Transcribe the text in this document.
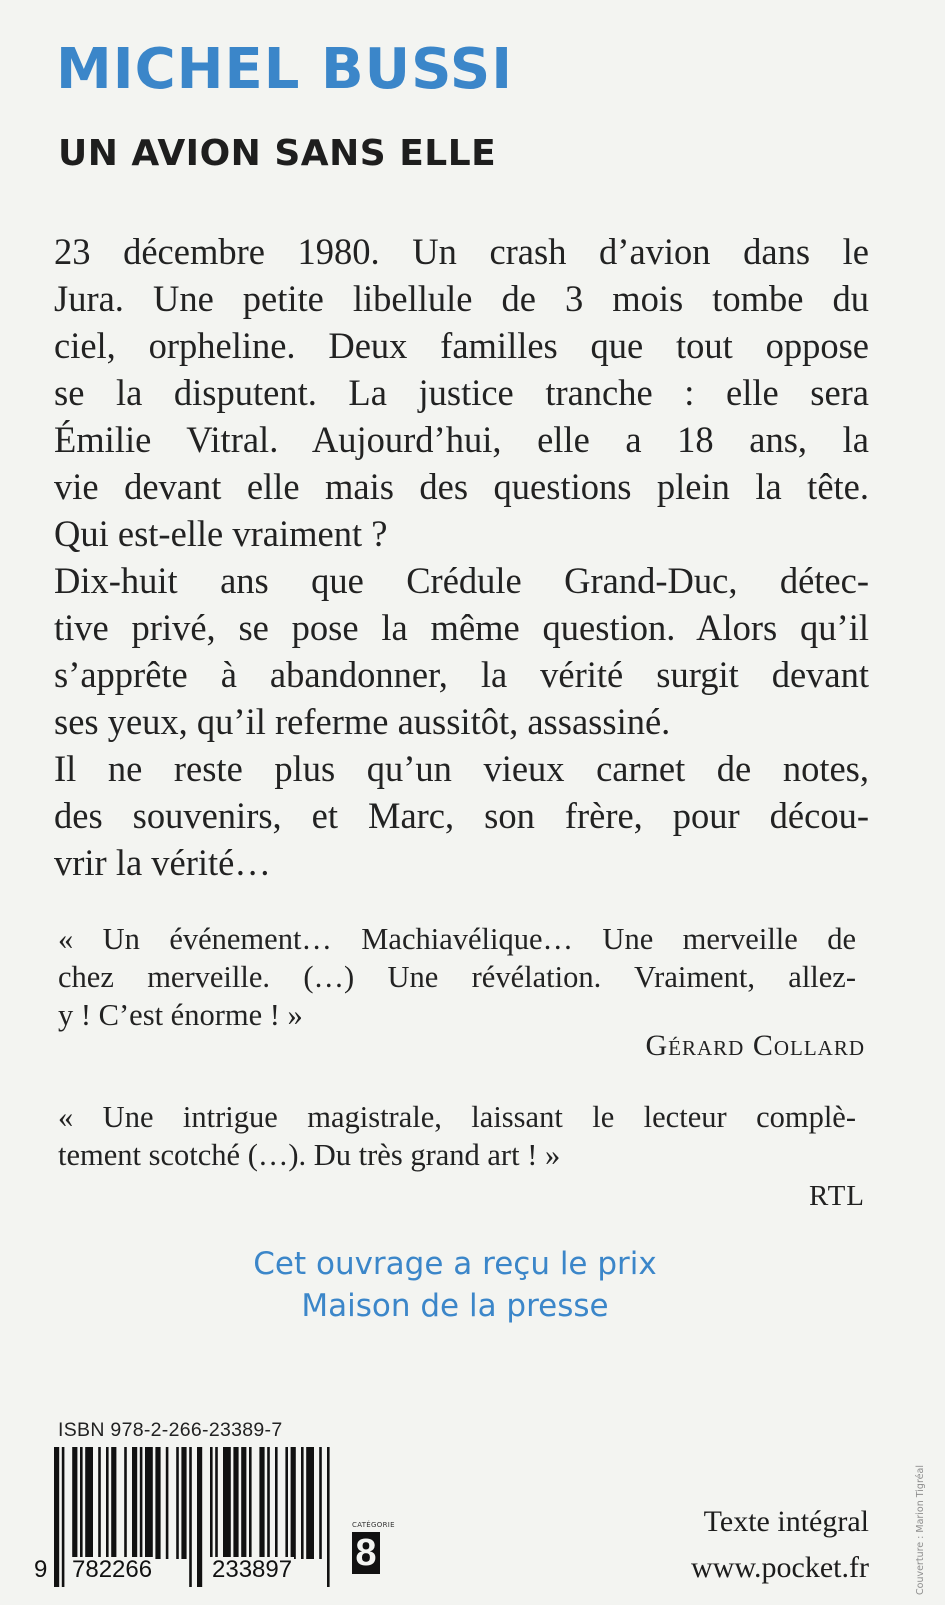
MICHEL BUSSI
UN AVION SANS ELLE
23 décembre 1980. Un crash d’avion dans le
Jura. Une petite libellule de 3 mois tombe du
ciel, orpheline. Deux familles que tout oppose
se la disputent. La justice tranche : elle sera
Émilie Vitral. Aujourd’hui, elle a 18 ans, la
vie devant elle mais des questions plein la tête.
Qui est-elle vraiment ?
Dix-huit ans que Crédule Grand-Duc, détec-
tive privé, se pose la même question. Alors qu’il
s’apprête à abandonner, la vérité surgit devant
ses yeux, qu’il referme aussitôt, assassiné.
Il ne reste plus qu’un vieux carnet de notes,
des souvenirs, et Marc, son frère, pour décou-
vrir la vérité…
« Un événement… Machiavélique… Une merveille de
chez merveille. (…) Une révélation. Vraiment, allez-
y ! C’est énorme ! »
Gérard Collard
« Une intrigue magistrale, laissant le lecteur complè-
tement scotché (…). Du très grand art ! »
RTL
Cet ouvrage a reçu le prix
Maison de la presse
ISBN 978-2-266-23389-7
9 782266 233897
CATÉGORIE
8
Texte intégral
www.pocket.fr	Couverture : Marion Tigréal
